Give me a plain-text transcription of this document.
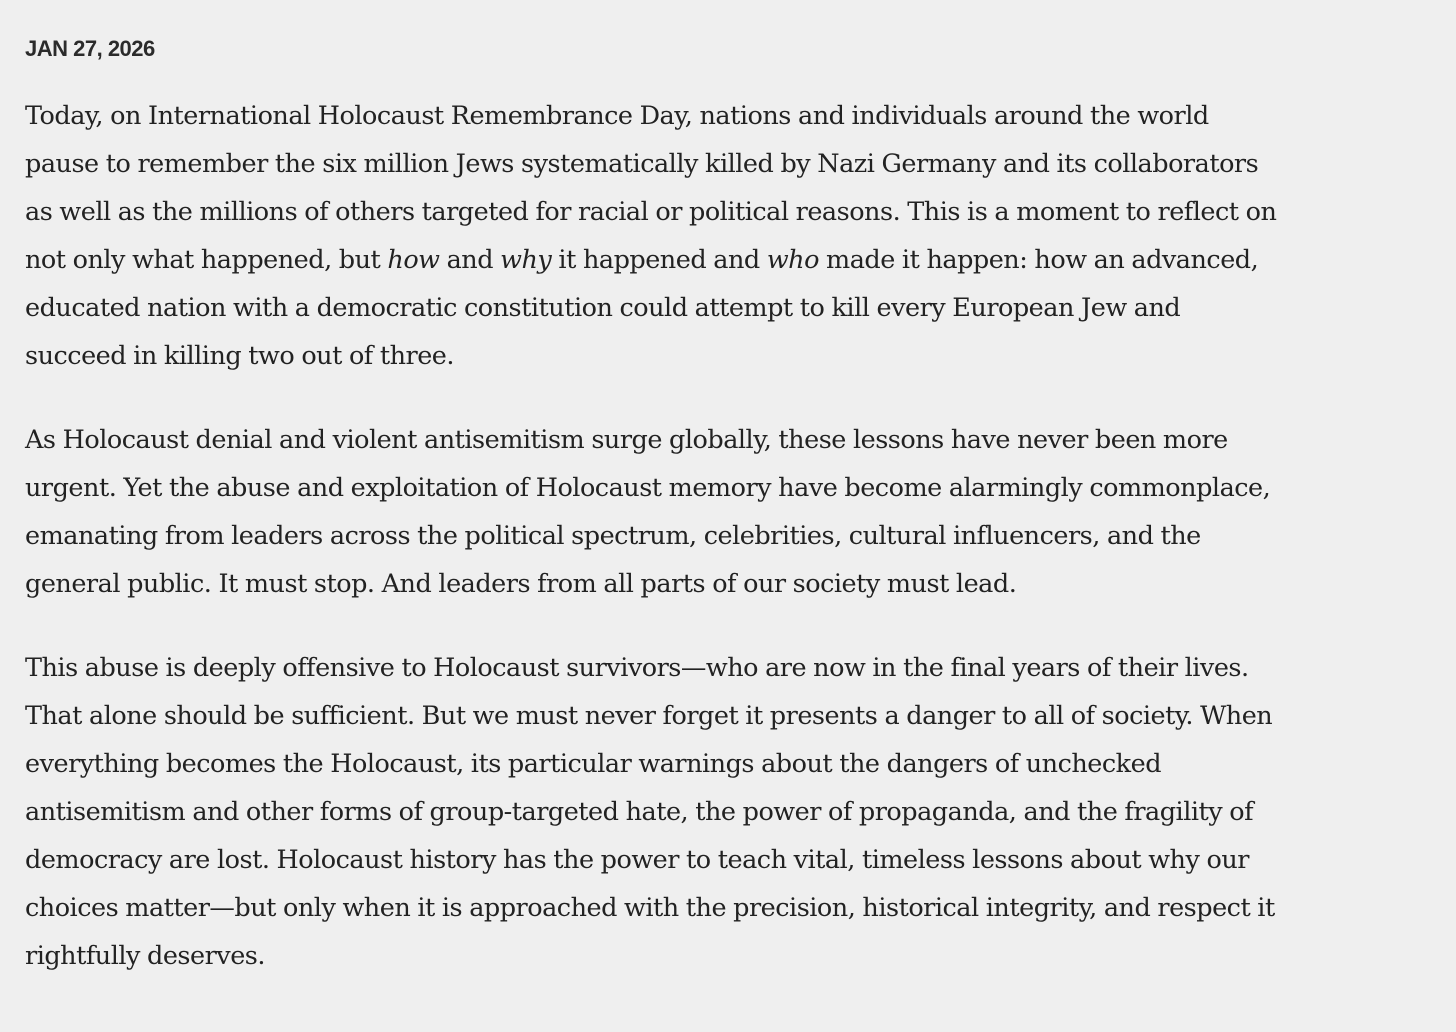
JAN 27, 2026

Today, on International Holocaust Remembrance Day, nations and individuals around the world
pause to remember the six million Jews systematically killed by Nazi Germany and its collaborators
as well as the millions of others targeted for racial or political reasons. This is a moment to reflect on
not only what happened, but how and why it happened and who made it happen: how an advanced,
educated nation with a democratic constitution could attempt to kill every European Jew and
succeed in killing two out of three.

As Holocaust denial and violent antisemitism surge globally, these lessons have never been more
urgent. Yet the abuse and exploitation of Holocaust memory have become alarmingly commonplace,
emanating from leaders across the political spectrum, celebrities, cultural influencers, and the
general public. It must stop. And leaders from all parts of our society must lead.

This abuse is deeply offensive to Holocaust survivors—who are now in the final years of their lives.
That alone should be sufficient. But we must never forget it presents a danger to all of society. When
everything becomes the Holocaust, its particular warnings about the dangers of unchecked
antisemitism and other forms of group-targeted hate, the power of propaganda, and the fragility of
democracy are lost. Holocaust history has the power to teach vital, timeless lessons about why our
choices matter—but only when it is approached with the precision, historical integrity, and respect it
rightfully deserves.
